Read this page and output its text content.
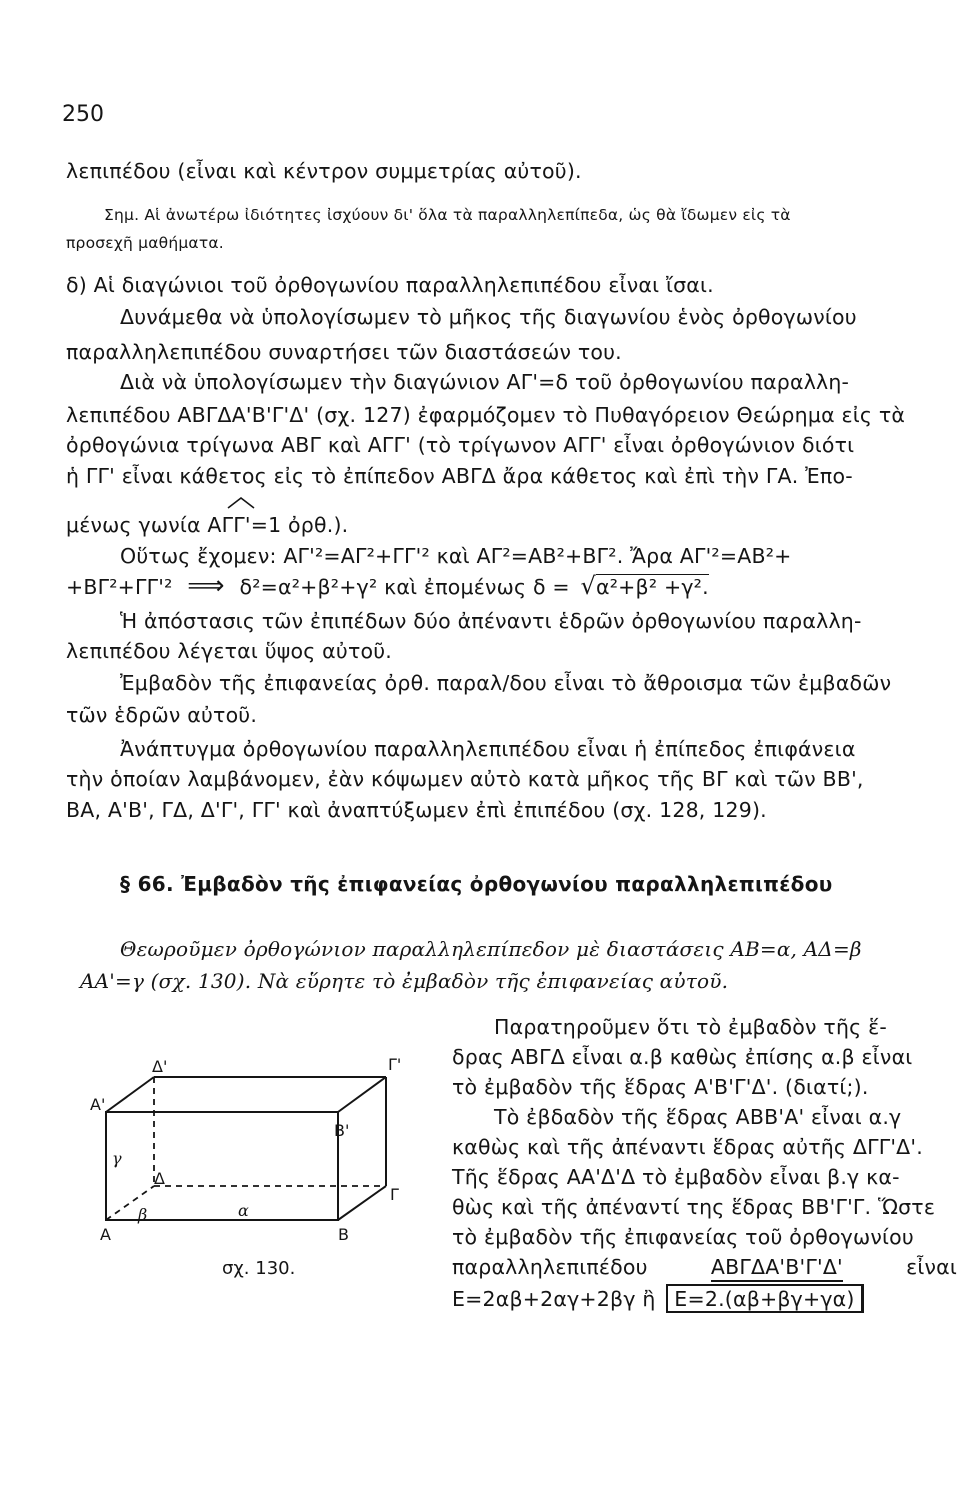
250
λεπιπέδου (εἶναι καὶ κέντρον συμμετρίας αὐτοῦ).
Σημ. Αἱ ἀνωτέρω ἰδιότητες ἰσχύουν δι' ὅλα τὰ παραλληλεπίπεδα, ὡς θὰ ἴδωμεν εἰς τὰ
προσεχῆ μαθήματα.
δ) Αἱ διαγώνιοι τοῦ ὀρθογωνίου παραλληλεπιπέδου εἶναι ἴσαι.
Δυνάμεθα νὰ ὑπολογίσωμεν τὸ μῆκος τῆς διαγωνίου ἑνὸς ὀρθογωνίου
παραλληλεπιπέδου συναρτήσει τῶν διαστάσεών του.
Διὰ νὰ ὑπολογίσωμεν τὴν διαγώνιον ΑΓ'=δ τοῦ ὀρθογωνίου παραλλη-
λεπιπέδου ΑΒΓΔΑ'Β'Γ'Δ' (σχ. 127) ἐφαρμόζομεν τὸ Πυθαγόρειον Θεώρημα εἰς τὰ
ὀρθογώνια τρίγωνα ΑΒΓ καὶ ΑΓΓ' (τὸ τρίγωνον ΑΓΓ' εἶναι ὀρθογώνιον διότι
ἡ ΓΓ' εἶναι κάθετος εἰς τὸ ἐπίπεδον ΑΒΓΔ ἄρα κάθετος καὶ ἐπὶ τὴν ΓΑ. Ἐπο-
μένως γωνία ΑΓΓ'=1 ὀρθ.).
Οὕτως ἔχομεν: ΑΓ'²=ΑΓ²+ΓΓ'² καὶ ΑΓ²=ΑΒ²+ΒΓ². Ἄρα ΑΓ'²=ΑΒ²+
+ΒΓ²+ΓΓ'² ⟹ δ²=α²+β²+γ² καὶ ἐπομένως δ = √α²+β² +γ².
Ἡ ἀπόστασις τῶν ἐπιπέδων δύο ἀπέναντι ἑδρῶν ὀρθογωνίου παραλλη-
λεπιπέδου λέγεται ὕψος αὐτοῦ.
Ἐμβαδὸν τῆς ἐπιφανείας ὀρθ. παραλ/δου εἶναι τὸ ἄθροισμα τῶν ἐμβαδῶν
τῶν ἑδρῶν αὐτοῦ.
Ἀνάπτυγμα ὀρθογωνίου παραλληλεπιπέδου εἶναι ἡ ἐπίπεδος ἐπιφάνεια
τὴν ὁποίαν λαμβάνομεν, ἐὰν κόψωμεν αὐτὸ κατὰ μῆκος τῆς ΒΓ καὶ τῶν ΒΒ',
ΒΑ, Α'Β', ΓΔ, Δ'Γ', ΓΓ' καὶ ἀναπτύξωμεν ἐπὶ ἐπιπέδου (σχ. 128, 129).
§ 66. Ἐμβαδὸν τῆς ἐπιφανείας ὀρθογωνίου παραλληλεπιπέδου
Θεωροῦμεν ὀρθογώνιον παραλληλεπίπεδον μὲ διαστάσεις ΑΒ=α, ΑΔ=β
ΑΑ'=γ (σχ. 130). Νὰ εὕρητε τὸ ἐμβαδὸν τῆς ἐπιφανείας αὐτοῦ.
Παρατηροῦμεν ὅτι τὸ ἐμβαδὸν τῆς ἕ-
δρας ΑΒΓΔ εἶναι α.β καθὼς ἐπίσης α.β εἶναι
τὸ ἐμβαδὸν τῆς ἕδρας Α'Β'Γ'Δ'. (διατί;).
Τὸ ἐβδαδὸν τῆς ἕδρας ΑΒΒ'Α' εἶναι α.γ
καθὼς καὶ τῆς ἀπέναντι ἕδρας αὐτῆς ΔΓΓ'Δ'.
Τῆς ἕδρας ΑΑ'Δ'Δ τὸ ἐμβαδὸν εἶναι β.γ κα-
θὼς καὶ τῆς ἀπέναντί της ἕδρας ΒΒ'Γ'Γ. Ὥστε
τὸ ἐμβαδὸν τῆς ἐπιφανείας τοῦ ὀρθογωνίου
παραλληλεπιπέδου	ΑΒΓΔΑ'Β'Γ'Δ'	εἶναι
Ε=2αβ+2αγ+2βγ ἢ Ε=2.(αβ+βγ+γα)
Δ'	Γ'
Α'
Β'
Δ
Γ
Α	Β
γ
β	α
σχ. 130.
